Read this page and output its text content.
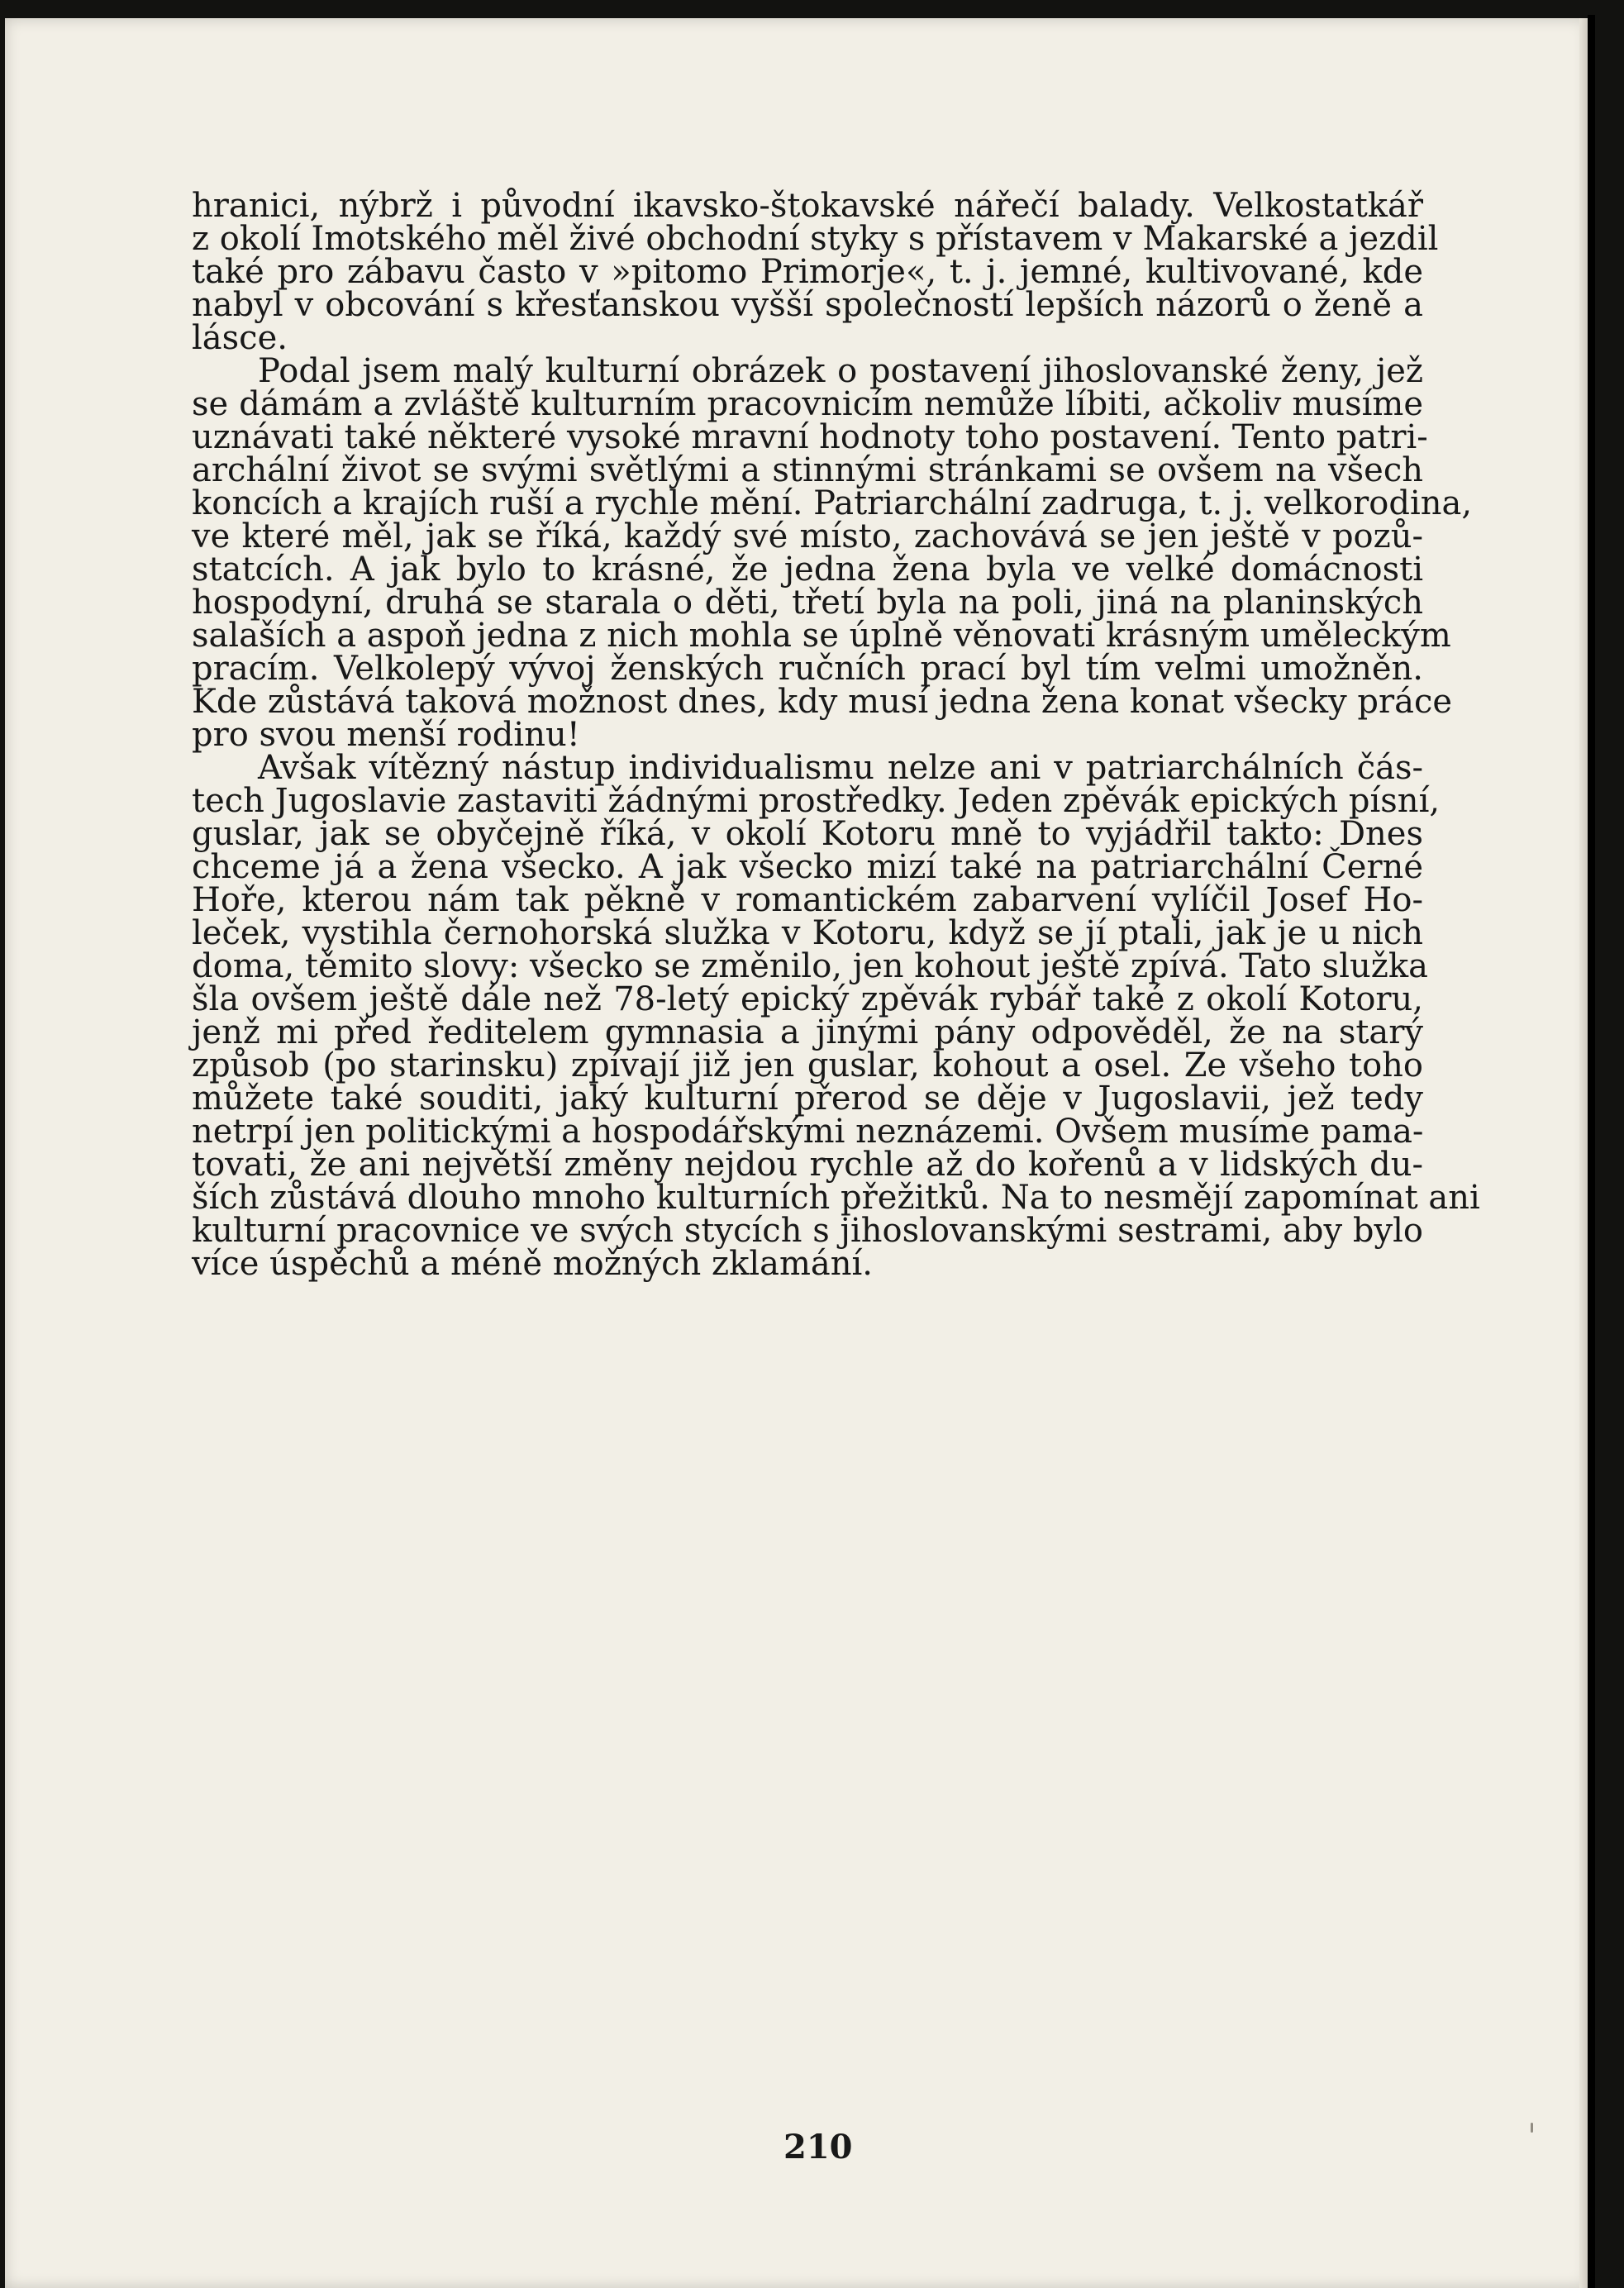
hranici, nýbrž i původní ikavsko-štokavské nářečí balady. Velkostatkář
z okolí Imotského měl živé obchodní styky s přístavem v Makarské a jezdil
také pro zábavu často v »pitomo Primorje«, t. j. jemné, kultivované, kde
nabyl v obcování s křesťanskou vyšší společností lepších názorů o ženě a
lásce.
Podal jsem malý kulturní obrázek o postavení jihoslovanské ženy, jež
se dámám a zvláště kulturním pracovnicím nemůže líbiti, ačkoliv musíme
uznávati také některé vysoké mravní hodnoty toho postavení. Tento patri-
archální život se svými světlými a stinnými stránkami se ovšem na všech
koncích a krajích ruší a rychle mění. Patriarchální zadruga, t. j. velkorodina,
ve které měl, jak se říká, každý své místo, zachovává se jen ještě v pozů-
statcích. A jak bylo to krásné, že jedna žena byla ve velké domácnosti
hospodyní, druhá se starala o děti, třetí byla na poli, jiná na planinských
salaších a aspoň jedna z nich mohla se úplně věnovati krásným uměleckým
pracím. Velkolepý vývoj ženských ručních prací byl tím velmi umožněn.
Kde zůstává taková možnost dnes, kdy musí jedna žena konat všecky práce
pro svou menší rodinu!
Avšak vítězný nástup individualismu nelze ani v patriarchálních čás-
tech Jugoslavie zastaviti žádnými prostředky. Jeden zpěvák epických písní,
guslar, jak se obyčejně říká, v okolí Kotoru mně to vyjádřil takto: Dnes
chceme já a žena všecko. A jak všecko mizí také na patriarchální Černé
Hoře, kterou nám tak pěkně v romantickém zabarvení vylíčil Josef Ho-
leček, vystihla černohorská služka v Kotoru, když se jí ptali, jak je u nich
doma, těmito slovy: všecko se změnilo, jen kohout ještě zpívá. Tato služka
šla ovšem ještě dále než 78-letý epický zpěvák rybář také z okolí Kotoru,
jenž mi před ředitelem gymnasia a jinými pány odpověděl, že na starý
způsob (po starinsku) zpívají již jen guslar, kohout a osel. Ze všeho toho
můžete také souditi, jaký kulturní přerod se děje v Jugoslavii, jež tedy
netrpí jen politickými a hospodářskými neznázemi. Ovšem musíme pama-
tovati, že ani největší změny nejdou rychle až do kořenů a v lidských du-
ších zůstává dlouho mnoho kulturních přežitků. Na to nesmějí zapomínat ani
kulturní pracovnice ve svých stycích s jihoslovanskými sestrami, aby bylo
více úspěchů a méně možných zklamání.
210
